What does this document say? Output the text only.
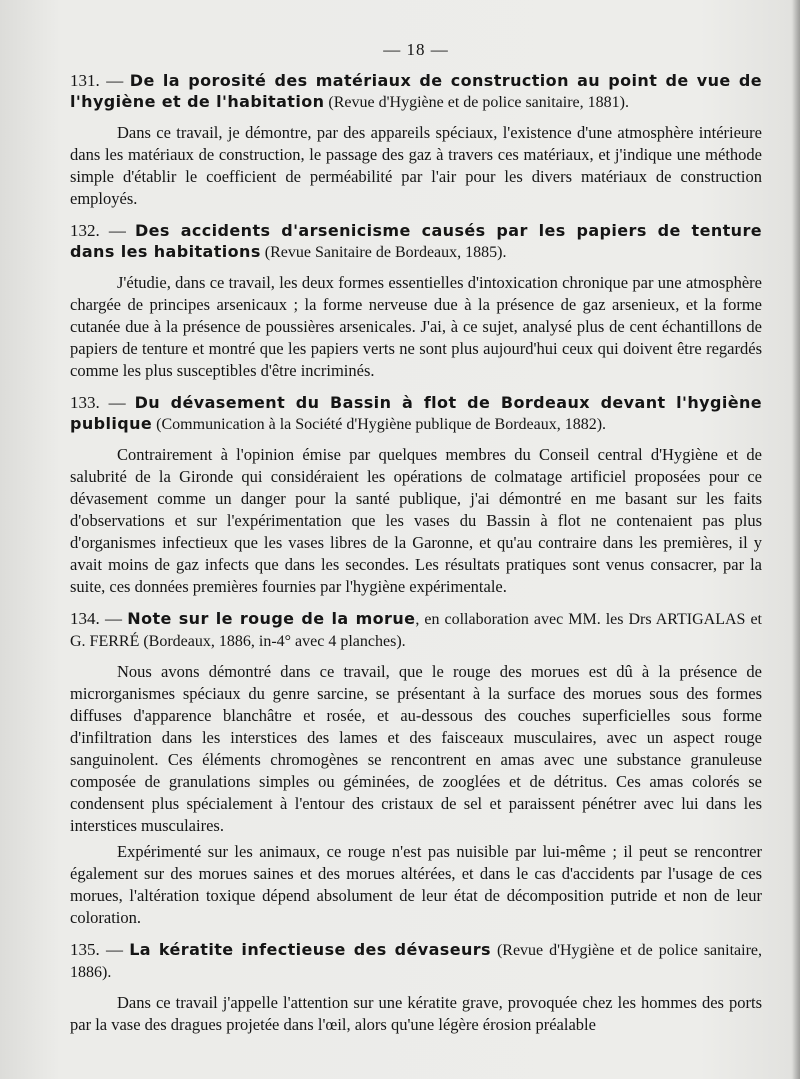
— 18 —
131. — De la porosité des matériaux de construction au point de vue de l'hygiène et de l'habitation (Revue d'Hygiène et de police sanitaire, 1881).

Dans ce travail, je démontre, par des appareils spéciaux, l'existence d'une atmosphère intérieure dans les matériaux de construction, le passage des gaz à travers ces matériaux, et j'indique une méthode simple d'établir le coefficient de perméabilité par l'air pour les divers matériaux de construction employés.

132. — Des accidents d'arsenicisme causés par les papiers de tenture dans les habitations (Revue Sanitaire de Bordeaux, 1885).

J'étudie, dans ce travail, les deux formes essentielles d'intoxication chronique par une atmosphère chargée de principes arsenicaux ; la forme nerveuse due à la présence de gaz arsenieux, et la forme cutanée due à la présence de poussières arsenicales. J'ai, à ce sujet, analysé plus de cent échantillons de papiers de tenture et montré que les papiers verts ne sont plus aujourd'hui ceux qui doivent être regardés comme les plus susceptibles d'être incriminés.

133. — Du dévasement du Bassin à flot de Bordeaux devant l'hygiène publique (Communication à la Société d'Hygiène publique de Bordeaux, 1882).

Contrairement à l'opinion émise par quelques membres du Conseil central d'Hygiène et de salubrité de la Gironde qui considéraient les opérations de colmatage artificiel proposées pour ce dévasement comme un danger pour la santé publique, j'ai démontré en me basant sur les faits d'observations et sur l'expérimentation que les vases du Bassin à flot ne contenaient pas plus d'organismes infectieux que les vases libres de la Garonne, et qu'au contraire dans les premières, il y avait moins de gaz infects que dans les secondes. Les résultats pratiques sont venus consacrer, par la suite, ces données premières fournies par l'hygiène expérimentale.

134. — Note sur le rouge de la morue, en collaboration avec MM. les Drs ARTIGALAS et G. FERRÉ (Bordeaux, 1886, in-4° avec 4 planches).

Nous avons démontré dans ce travail, que le rouge des morues est dû à la présence de microrganismes spéciaux du genre sarcine, se présentant à la surface des morues sous des formes diffuses d'apparence blanchâtre et rosée, et au-dessous des couches superficielles sous forme d'infiltration dans les interstices des lames et des faisceaux musculaires, avec un aspect rouge sanguinolent. Ces éléments chromogènes se rencontrent en amas avec une substance granuleuse composée de granulations simples ou géminées, de zooglées et de détritus. Ces amas colorés se condensent plus spécialement à l'entour des cristaux de sel et paraissent pénétrer avec lui dans les interstices musculaires.

Expérimenté sur les animaux, ce rouge n'est pas nuisible par lui-même ; il peut se rencontrer également sur des morues saines et des morues altérées, et dans le cas d'accidents par l'usage de ces morues, l'altération toxique dépend absolument de leur état de décomposition putride et non de leur coloration.

135. — La kératite infectieuse des dévaseurs (Revue d'Hygiène et de police sanitaire, 1886).

Dans ce travail j'appelle l'attention sur une kératite grave, provoquée chez les hommes des ports par la vase des dragues projetée dans l'œil, alors qu'une légère érosion préalable
